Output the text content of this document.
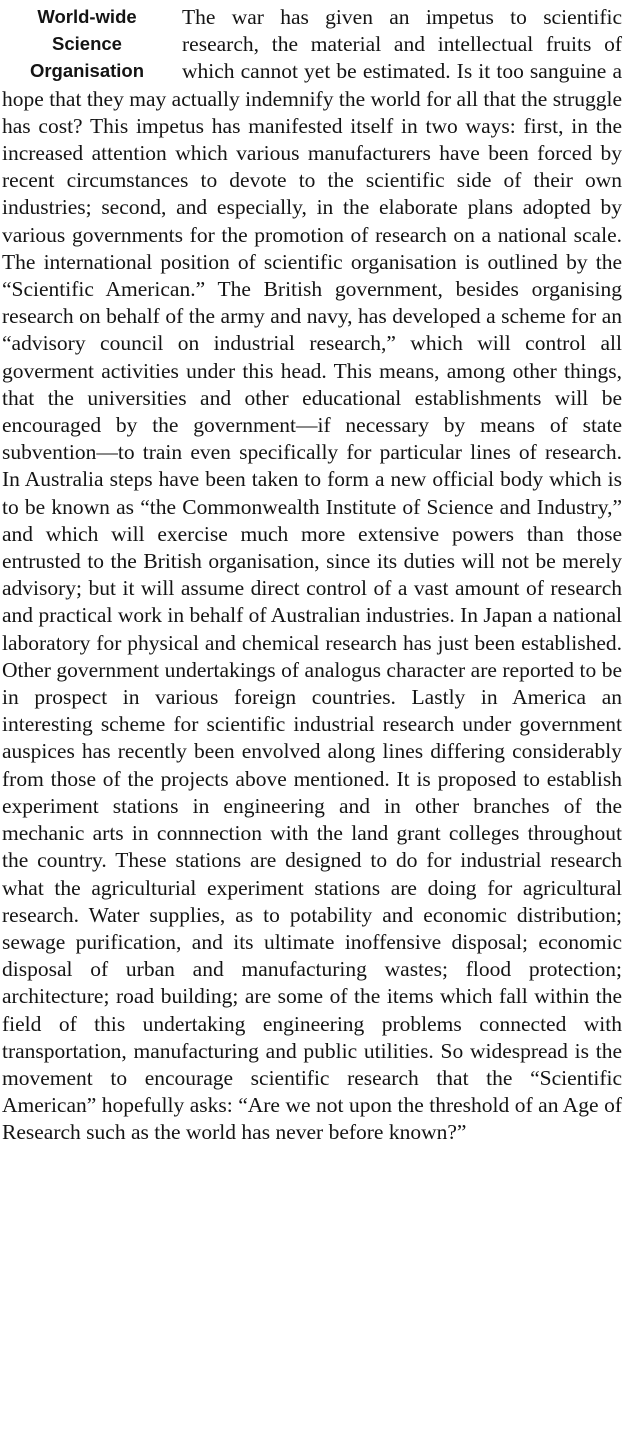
World-wide
Science
Organisation

The war has given an impetus to scientific research, the material and intellectual fruits of which cannot yet be estimated. Is it too sanguine a hope that they may actually indemnify the world for all that the struggle has cost? This impetus has manifested itself in two ways: first, in the increased attention which various manufacturers have been forced by recent circumstances to devote to the scientific side of their own industries; second, and especially, in the elaborate plans adopted by various governments for the promotion of research on a national scale. The international position of scientific organisation is outlined by the “Scientific American.” The British government, besides organising research on behalf of the army and navy, has developed a scheme for an “advisory council on industrial research,” which will control all goverment activities under this head. This means, among other things, that the universities and other educational establishments will be encouraged by the government—if necessary by means of state subvention—to train even specifically for particular lines of research. In Australia steps have been taken to form a new official body which is to be known as “the Commonwealth Institute of Science and Industry,” and which will exercise much more extensive powers than those entrusted to the British organisation, since its duties will not be merely advisory; but it will assume direct control of a vast amount of research and practical work in behalf of Australian industries. In Japan a national laboratory for physical and chemical research has just been established. Other government undertakings of analogus character are reported to be in prospect in various foreign countries. Lastly in America an interesting scheme for scientific industrial research under government auspices has recently been envolved along lines differing considerably from those of the projects above mentioned. It is proposed to establish experiment stations in engineering and in other branches of the mechanic arts in connnection with the land grant colleges throughout the country. These stations are designed to do for industrial research what the agriculturial experiment stations are doing for agricultural research. Water supplies, as to potability and economic distribution; sewage purification, and its ultimate inoffensive disposal; economic disposal of urban and manufacturing wastes; flood protection; architecture; road building; are some of the items which fall within the field of this undertaking engineering problems connected with transportation, manufacturing and public utilities. So widespread is the movement to encourage scientific research that the “Scientific American” hopefully asks: “Are we not upon the threshold of an Age of Research such as the world has never before known?”
